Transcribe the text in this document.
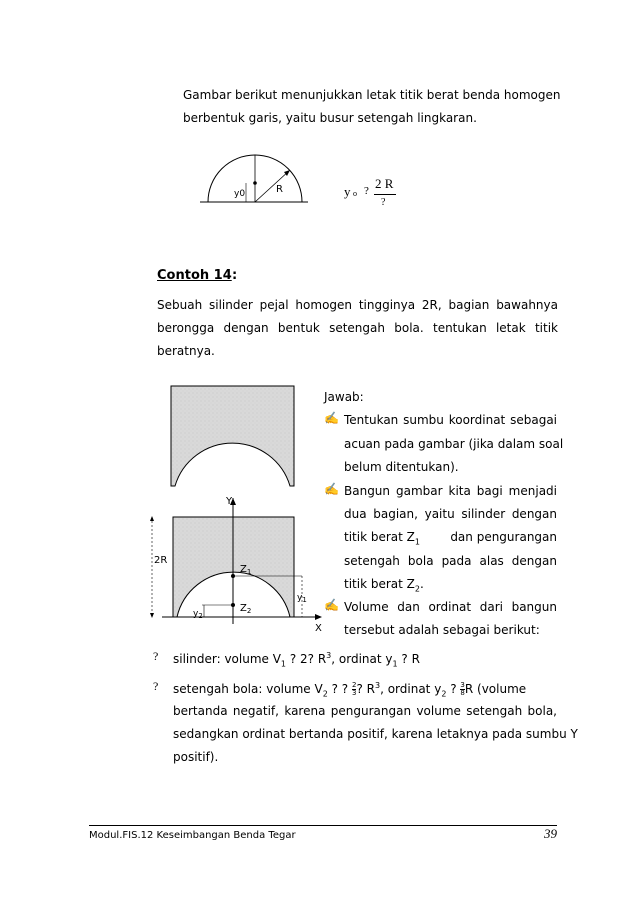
Gambar berikut menunjukkan letak titik berat benda homogen
berbentuk garis, yaitu busur setengah lingkaran.
y0	R	y o ? 2 R
?
Contoh 14 :
Sebuah silinder pejal homogen tingginya 2R, bagian bawahnya
berongga dengan bentuk setengah bola. tentukan letak titik
beratnya.
Y
X
2R
$Z_1$
$Z_2$
$y_1$
$y_2$
Jawab:
✍ Tentukan sumbu koordinat sebagai
acuan pada gambar (jika dalam soal
belum ditentukan).
✍ Bangun gambar kita bagi menjadi
dua bagian, yaitu silinder dengan
titik berat $Z_1$	dan pengurangan
setengah bola pada alas dengan
titik berat $Z_2$.
✍ Volume dan ordinat dari bangun
tersebut adalah sebagai berikut:
? silinder: volume $V_1$ ? 2? $R^3$, ordinat $y_1$ ? R
? setengah bola: volume $V_2$ ? ? $\frac{2}{3}$ ? $R^3$, ordinat $y_2$ ? $\frac{3}{8}$ R (volume
bertanda negatif, karena pengurangan volume setengah bola,
sedangkan ordinat bertanda positif, karena letaknya pada sumbu Y
positif).
Modul.FIS.12 Keseimbangan Benda Tegar	39
